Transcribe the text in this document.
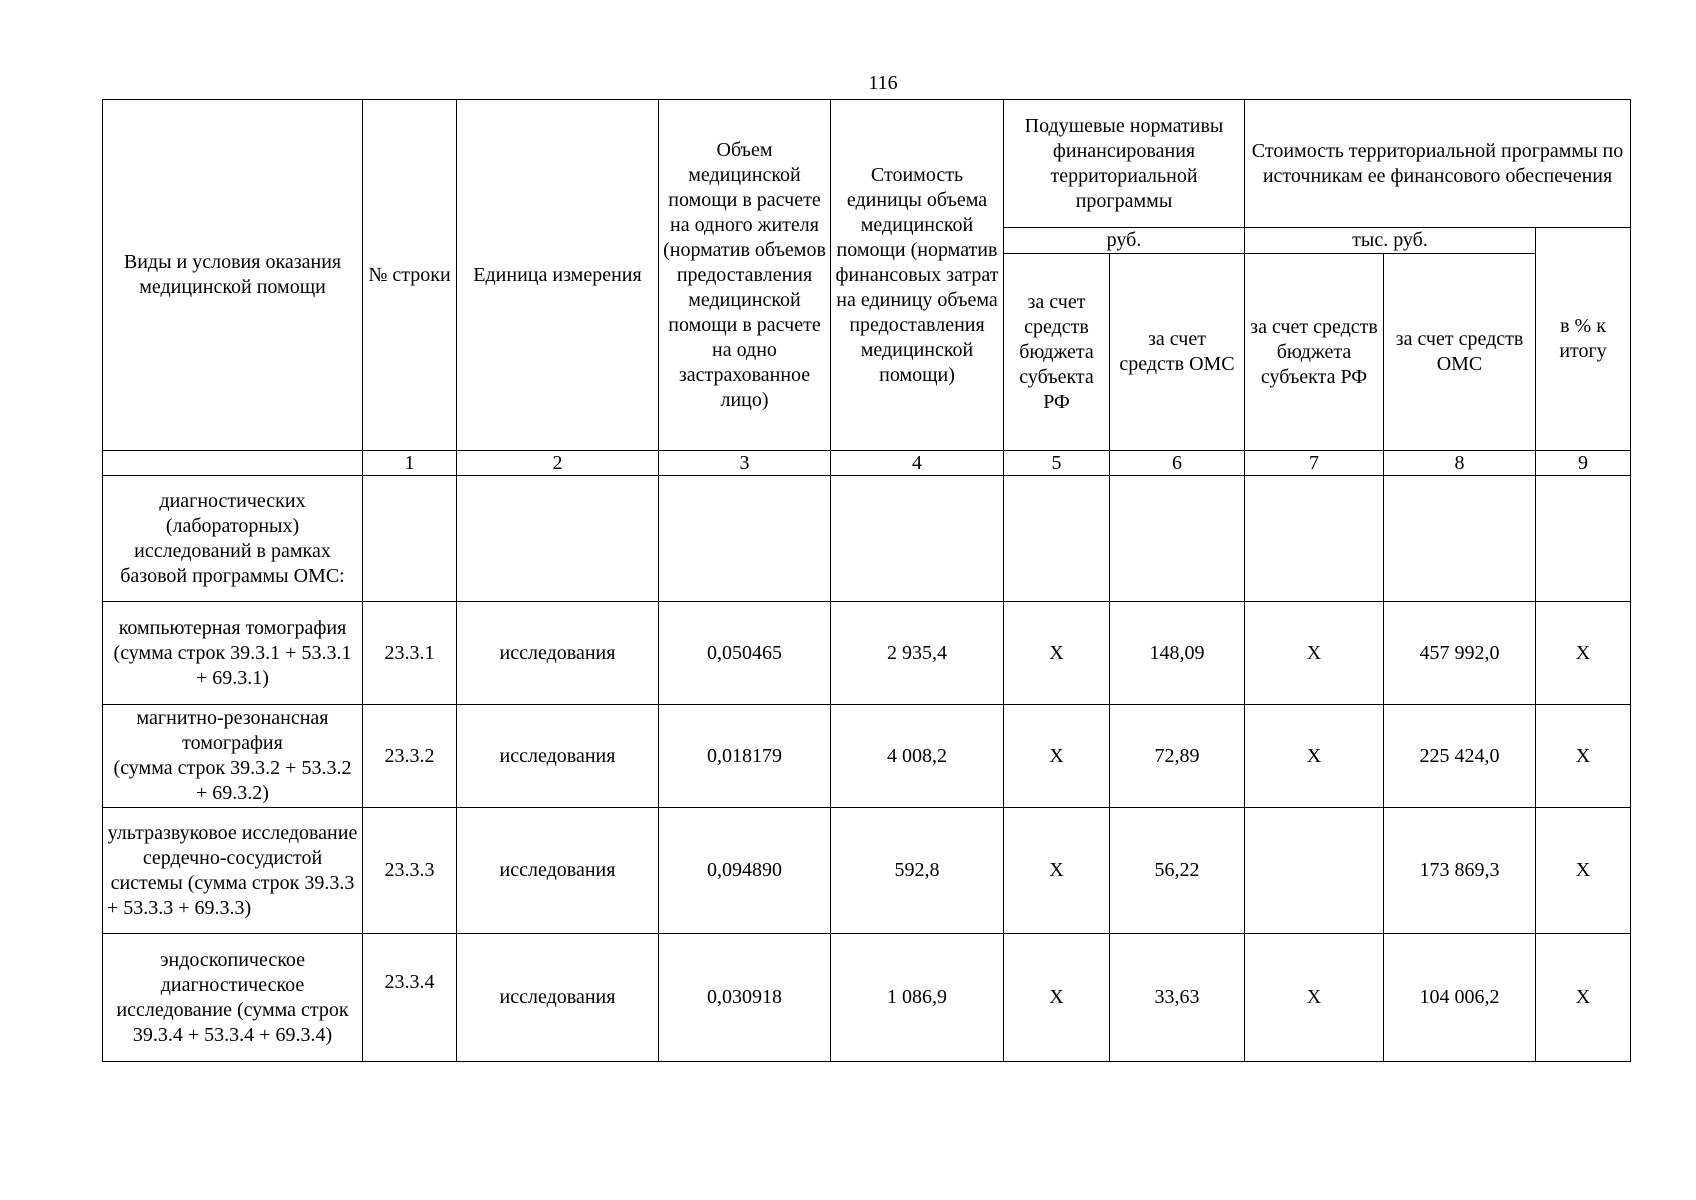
116
Виды и условия оказания медицинской помощи	№ строки	Единица измерения	Объем медицинской помощи в расчете на одного жителя (норматив объемов предоставления медицинской помощи в расчете на одно застрахованное лицо)	Стоимость единицы объема медицинской помощи (норматив финансовых затрат на единицу объема предоставления медицинской помощи)	Подушевые нормативы финансирования территориальной программы		Стоимость территориальной программы по источникам ее финансового обеспечения		
					руб.		тыс. руб.		в % к итогу
					за счет средств бюджета субъекта РФ	за счет средств ОМС	за счет средств бюджета субъекта РФ	за счет средств ОМС	
	1	2	3	4	5	6	7	8	9
диагностических (лабораторных) исследований в рамках базовой программы ОМС:									
компьютерная томография
(сумма строк 39.3.1 + 53.3.1 + 69.3.1)	23.3.1	исследования	0,050465	2 935,4	Х	148,09	Х	457 992,0	Х
магнитно-резонансная томография
(сумма строк 39.3.2 + 53.3.2 + 69.3.2)	23.3.2	исследования	0,018179	4 008,2	Х	72,89	Х	225 424,0	Х
ультразвуковое исследование сердечно-сосудистой системы (сумма строк 39.3.3 + 53.3.3 + 69.3.3)	23.3.3	исследования	0,094890	592,8	Х	56,22		173 869,3	Х
эндоскопическое диагностическое исследование (сумма строк 39.3.4 + 53.3.4 + 69.3.4)	23.3.4	исследования	0,030918	1 086,9	Х	33,63	Х	104 006,2	Х
